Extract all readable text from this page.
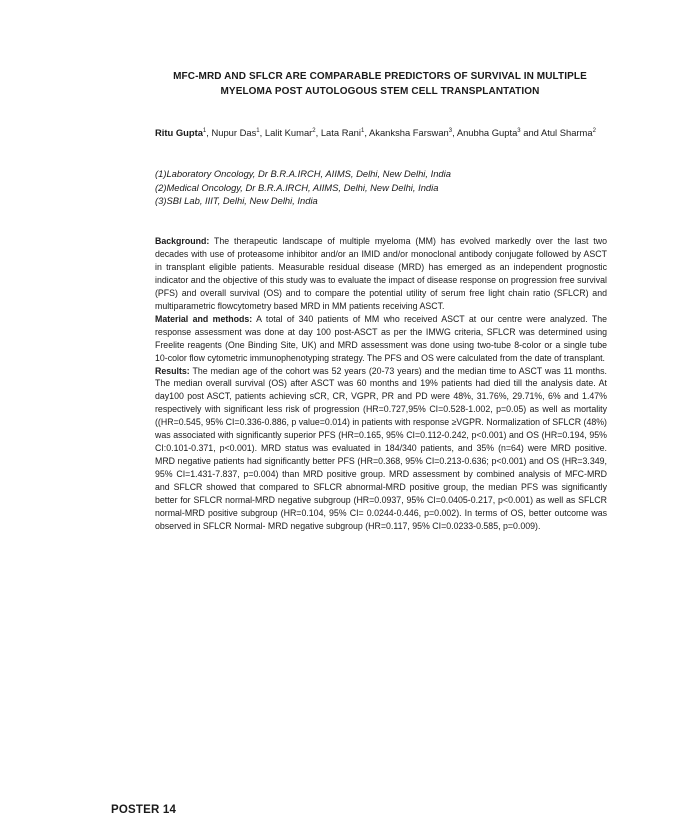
MFC-MRD AND SFLCR ARE COMPARABLE PREDICTORS OF SURVIVAL IN MULTIPLE
MYELOMA POST AUTOLOGOUS STEM CELL TRANSPLANTATION
Ritu Gupta$^1$, Nupur Das$^1$, Lalit Kumar$^2$, Lata Rani$^1$, Akanksha Farswan$^3$, Anubha Gupta$^3$ and Atul Sharma$^2$
(1)Laboratory Oncology, Dr B.R.A.IRCH, AIIMS, Delhi, New Delhi, India
(2)Medical Oncology, Dr B.R.A.IRCH, AIIMS, Delhi, New Delhi, India
(3)SBI Lab, IIIT, Delhi, New Delhi, India

Background: The therapeutic landscape of multiple myeloma (MM) has evolved markedly over the last two decades with use of proteasome inhibitor and/or an IMID and/or monoclonal antibody conjugate followed by ASCT in transplant eligible patients. Measurable residual disease (MRD) has emerged as an independent prognostic indicator and the objective of this study was to evaluate the impact of disease response on progression free survival (PFS) and overall survival (OS) and to compare the potential utility of serum free light chain ratio (SFLCR) and multiparametric flowcytometry based MRD in MM patients receiving ASCT.

Material and methods: A total of 340 patients of MM who received ASCT at our centre were analyzed. The response assessment was done at day 100 post-ASCT as per the IMWG criteria, SFLCR was determined using Freelite reagents (One Binding Site, UK) and MRD assessment was done using two-tube 8-color or a single tube 10-color flow cytometric immunophenotyping strategy. The PFS and OS were calculated from the date of transplant.

Results: The median age of the cohort was 52 years (20-73 years) and the median time to ASCT was 11 months. The median overall survival (OS) after ASCT was 60 months and 19% patients had died till the analysis date. At day100 post ASCT, patients achieving sCR, CR, VGPR, PR and PD were 48%, 31.76%, 29.71%, 6% and 1.47% respectively with significant less risk of progression (HR=0.727,95% CI=0.528-1.002, p=0.05) as well as mortality ((HR=0.545, 95% CI=0.336-0.886, p value=0.014) in patients with response ≥VGPR. Normalization of SFLCR (48%) was associated with significantly superior PFS (HR=0.165, 95% CI=0.112-0.242, p<0.001) and OS (HR=0.194, 95% CI:0.101-0.371, p<0.001). MRD status was evaluated in 184/340 patients, and 35% (n=64) were MRD positive. MRD negative patients had significantly better PFS (HR=0.368, 95% CI=0.213-0.636; p<0.001) and OS (HR=3.349, 95% CI=1.431-7.837, p=0.004) than MRD positive group. MRD assessment by combined analysis of MFC-MRD and SFLCR showed that compared to SFLCR abnormal-MRD positive group, the median PFS was significantly better for SFLCR normal-MRD negative subgroup (HR=0.0937, 95% CI=0.0405-0.217, p<0.001) as well as SFLCR normal-MRD positive subgroup (HR=0.104, 95% CI= 0.0244-0.446, p=0.002). In terms of OS, better outcome was observed in SFLCR Normal- MRD negative subgroup (HR=0.117, 95% CI=0.0233-0.585, p=0.009).

POSTER 14
